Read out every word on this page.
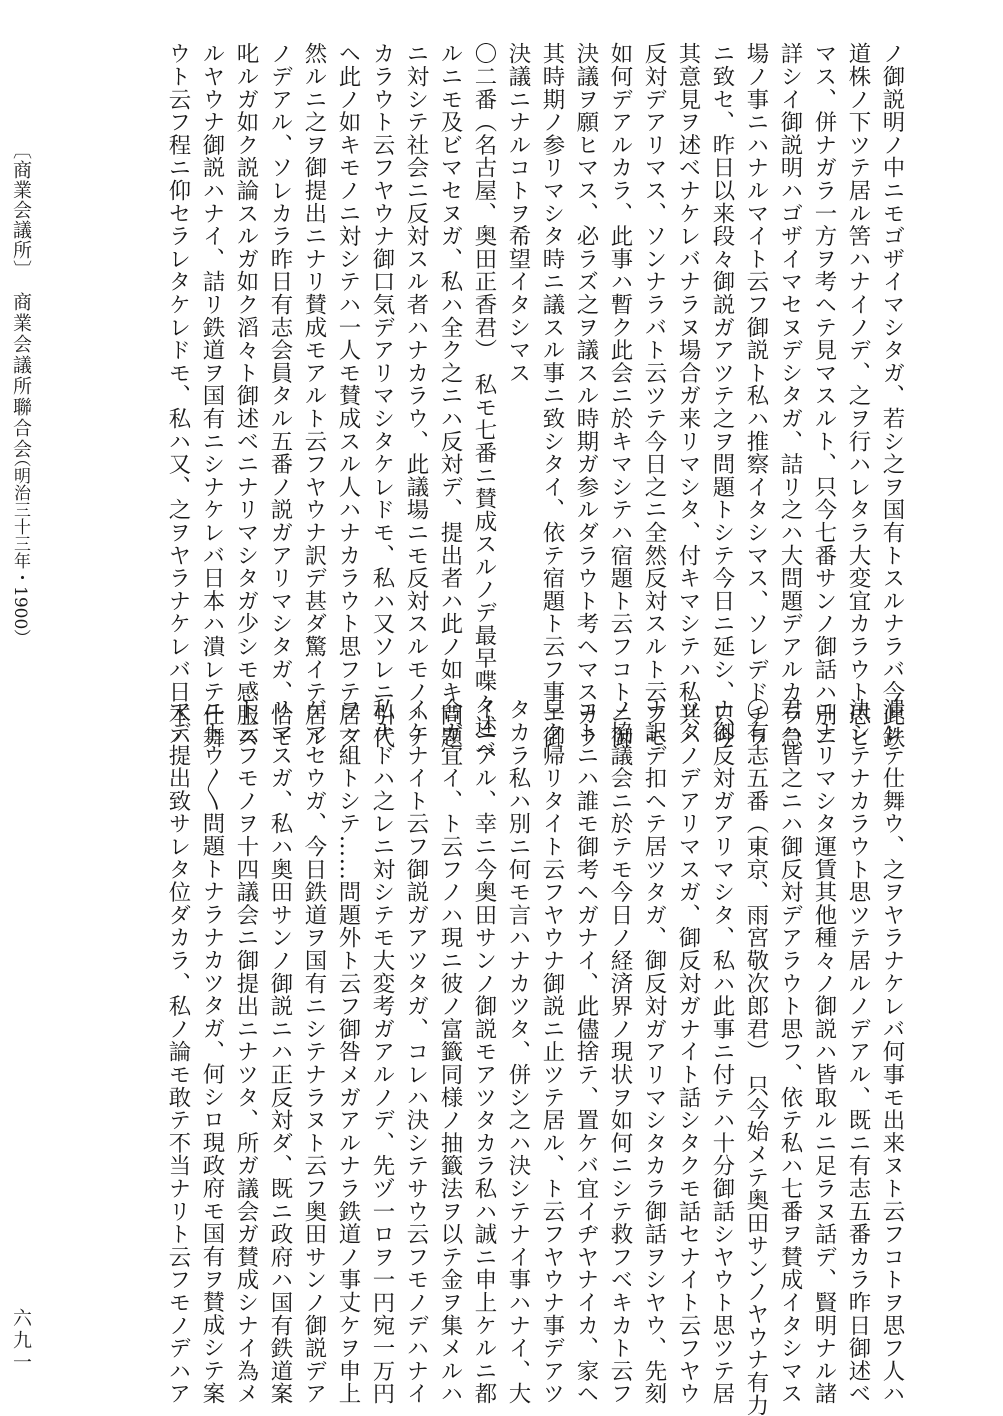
ノ御説明ノ中ニモゴザイマシタガ、若シ之ヲ国有トスルナラバ今此鉄
道株ノ下ツテ居ル筈ハナイノデ、之ヲ行ハレタラ大変宜カラウト思ヒ
マス、併ナガラ一方ヲ考ヘテ見マスルト、只今七番サンノ御話ハ別ニ
詳シイ御説明ハゴザイマセヌデシタガ、詰リ之ハ大問題デアルカラ急
場ノ事ニハナルマイト云フ御説ト私ハ推察イタシマス、ソレデドチラ
ニ致セ、昨日以来段々御説ガアツテ之ヲ問題トシテ今日ニ延シ、只今
其意見ヲ述ベナケレバナラヌ場合ガ来リマシタ、付キマシテハ私共ハ
反対デアリマス、ソンナラバト云ツテ今日之ニ全然反対スルト云フモ
如何デアルカラ、此事ハ暫ク此会ニ於キマシテハ宿題ト云フコトニ御
決議ヲ願ヒマス、必ラズ之ヲ議スル時期ガ参ルダラウト考ヘマスカラ
其時期ノ参リマシタ時ニ議スル事ニ致シタイ、依テ宿題ト云フ事ニ御
決議ニナルコトヲ希望イタシマス
〇二番（名古屋、奥田正香君）　私モ七番ニ賛成スルノデ最早喋々述ベ
ルニモ及ビマセヌガ、私ハ全ク之ニハ反対デ、提出者ハ此ノ如キ問題
ニ対シテ社会ニ反対スル者ハナカラウ、此議場ニモ反対スルモノハナ
カラウト云フヤウナ御口気デアリマシタケレドモ、私ハ又ソレニ引代
ヘ此ノ如キモノニ対シテハ一人モ賛成スル人ハナカラウト思フテ居タ
然ルニ之ヲ御提出ニナリ賛成モアルト云フヤウナ訳デ甚ダ驚イテ居ル
ノデアル、ソレカラ昨日有志会員タル五番ノ説ガアリマシタガ、恰モ
叱ルガ如ク説論スルガ如ク滔々ト御述ベニナリマシタガ少シモ感服ス
ルヤウナ御説ハナイ、詰リ鉄道ヲ国有ニシナケレバ日本ハ潰レテ仕舞
ウト云フ程ニ仰セラレタケレドモ、私ハ又、之ヲヤラナケレバ日本ハ
潰レテ仕舞ウ、之ヲヤラナケレバ何事モ出来ヌト云フコトヲ思フ人ハ
決シテナカラウト思ツテ居ルノデアル、既ニ有志五番カラ昨日御述ベ
ニナリマシタ運賃其他種々ノ御説ハ皆取ルニ足ラヌ話デ、賢明ナル諸
君ハ皆之ニハ御反対デアラウト思フ、依テ私ハ七番ヲ賛成イタシマス
〇有志五番（東京、雨宮敬次郎君）　只今始メテ奥田サンノヤウナ有力
ナ御反対ガアリマシタ、私ハ此事ニ付テハ十分御話シヤウト思ツテ居
ツタノデアリマスガ、御反対ガナイト話シタクモ話セナイト云フヤウ
ナ訳デ扣ヘテ居ツタガ、御反対ガアリマシタカラ御話ヲシヤウ、先刻
ノ協議会ニ於テモ今日ノ経済界ノ現状ヲ如何ニシテ救フベキカト云フ
コトニハ誰モ御考ヘガナイ、此儘捨テ、置ケバ宜イヂヤナイカ、家ヘ
早ク帰リタイト云フヤウナ御説ニ止ツテ居ル、ト云フヤウナ事デアツ
タカラ私ハ別ニ何モ言ハナカツタ、併シ之ハ決シテナイ事ハナイ、大
イニアル、幸ニ今奥田サンノ御説モアツタカラ私ハ誠ニ申上ケルニ都
合ガ宜イ、ト云フノハ現ニ彼ノ富籤同様ノ抽籤法ヲ以テ金ヲ集メルハ
イケナイト云フ御説ガアツタガ、コレハ決シテサウ云フモノデハナイ
私ナドハ之レニ対シテモ大変考ガアルノデ、先ヅ一ロヲ一円宛一万円
ヲ一組トシテ……問題外ト云フ御咎メガアルナラ鉄道ノ事丈ケヲ申上
ゲマセウガ、今日鉄道ヲ国有ニシテナラヌト云フ奥田サンノ御説デア
リマスガ、私ハ奥田サンノ御説ニハ正反対ダ、既ニ政府ハ国有鉄道案
ト云フモノヲ十四議会ニ御提出ニナツタ、所ガ議会ガ賛成シナイ為メ
ニトウ〳〵問題トナラナカツタガ、何シロ現政府モ国有ヲ賛成シテ案
マデ提出致サレタ位ダカラ、私ノ論モ敢テ不当ナリト云フモノデハア
〔商業会議所〕
商業会議所聯合会
（明治三十三年・1900）
六九一
